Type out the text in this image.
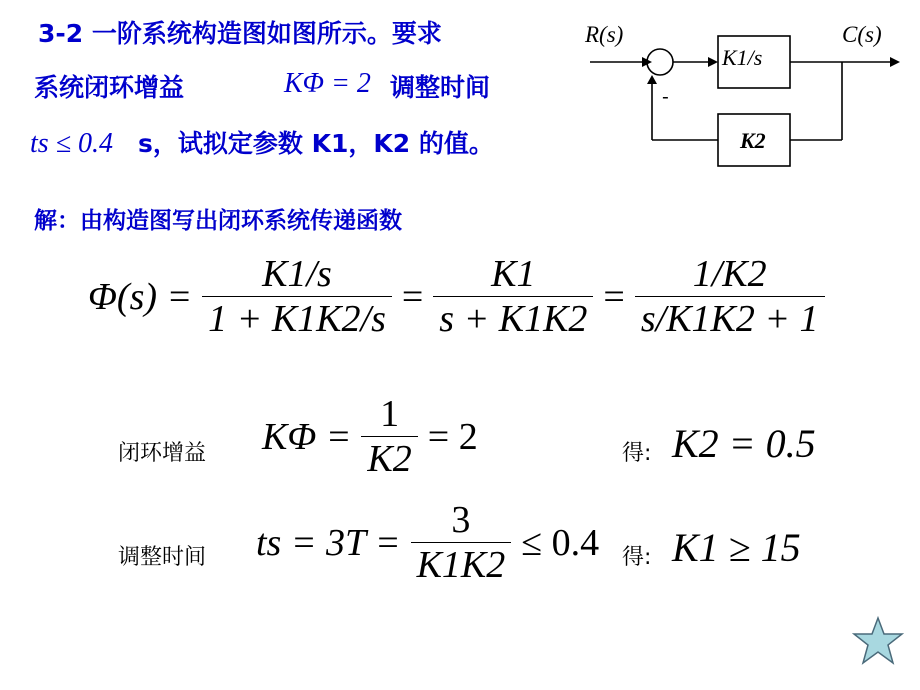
3-2 一阶系统构造图如图所示。要求
系统闭环增益	KΦ = 2 调整时间
ts ≤ 0.4 s，试拟定参数 K1，K2 的值。
R(s)	C(s)
K1/s
K2
-
解：由构造图写出闭环系统传递函数
$\Phi(s) = \frac{K1/s}{1 + K1K2/s} = \frac{K1}{s + K1K2} = \frac{1/K2}{s/K1K2 + 1}$
闭环增益 $K\Phi = \frac{1}{K2} = 2$	得: K2 = 0.5
调整时间 ts = $3T = \frac{3}{K1K2} \le 0.4$ 得: K1 ≥ 15
